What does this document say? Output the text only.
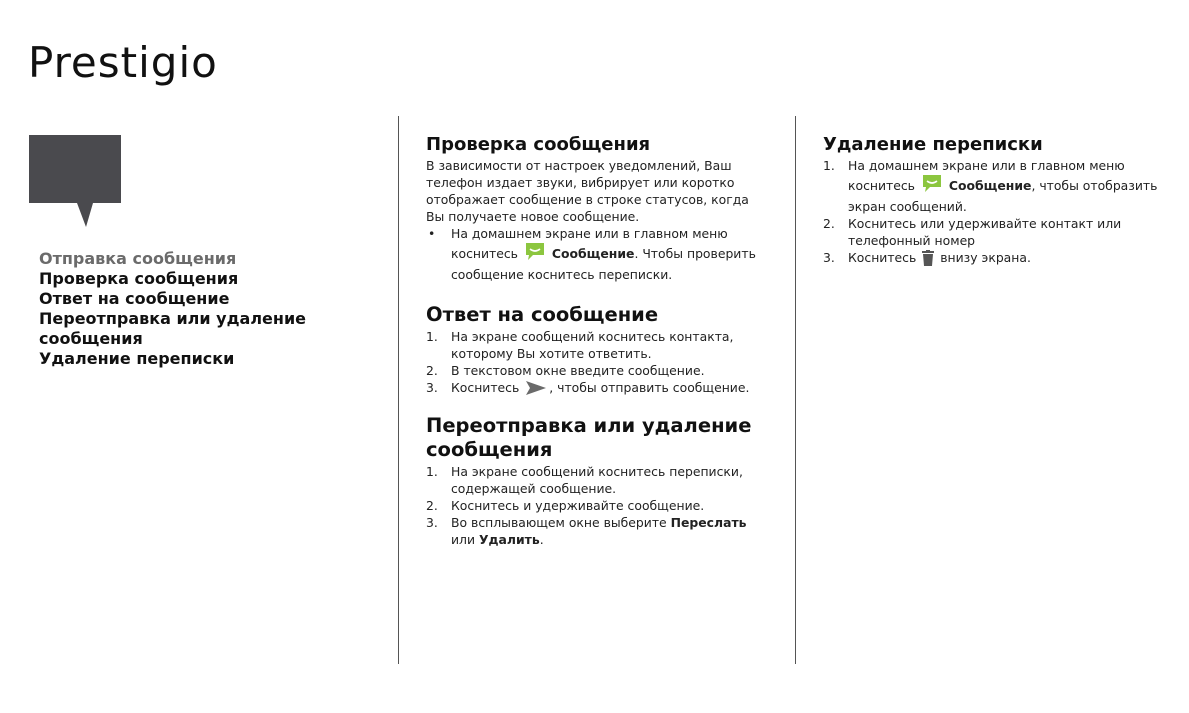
Prestigio
Отправка сообщения
Проверка сообщения
Ответ на сообщение
Переотправка или удаление
сообщения
Удаление переписки
Проверка сообщения

В зависимости от настроек уведомлений, Ваш

телефон издает звуки, вибрирует или коротко

отображает сообщение в строке статусов, когда

Вы получаете новое сообщение.

• На домашнем экране или в главном меню
коснитесь	Сообщение. Чтобы проверить
сообщение коснитесь переписки.
Ответ на сообщение
1. На экране сообщений коснитесь контакта,
которому Вы хотите ответить.
2. В текстовом окне введите сообщение.
3. Коснитесь , чтобы отправить сообщение.
Переотправка или удаление
сообщения
1. На экране сообщений коснитесь переписки,
содержащей сообщение.
2. Коснитесь и удерживайте сообщение.
3. Во всплывающем окне выберите Переслать
или Удалить.
Удаление переписки
1. На домашнем экране или в главном меню
коснитесь	Сообщение, чтобы отобразить
экран сообщений.
2. Коснитесь или удерживайте контакт или
телефонный номер
3. Коснитесь внизу экрана.
